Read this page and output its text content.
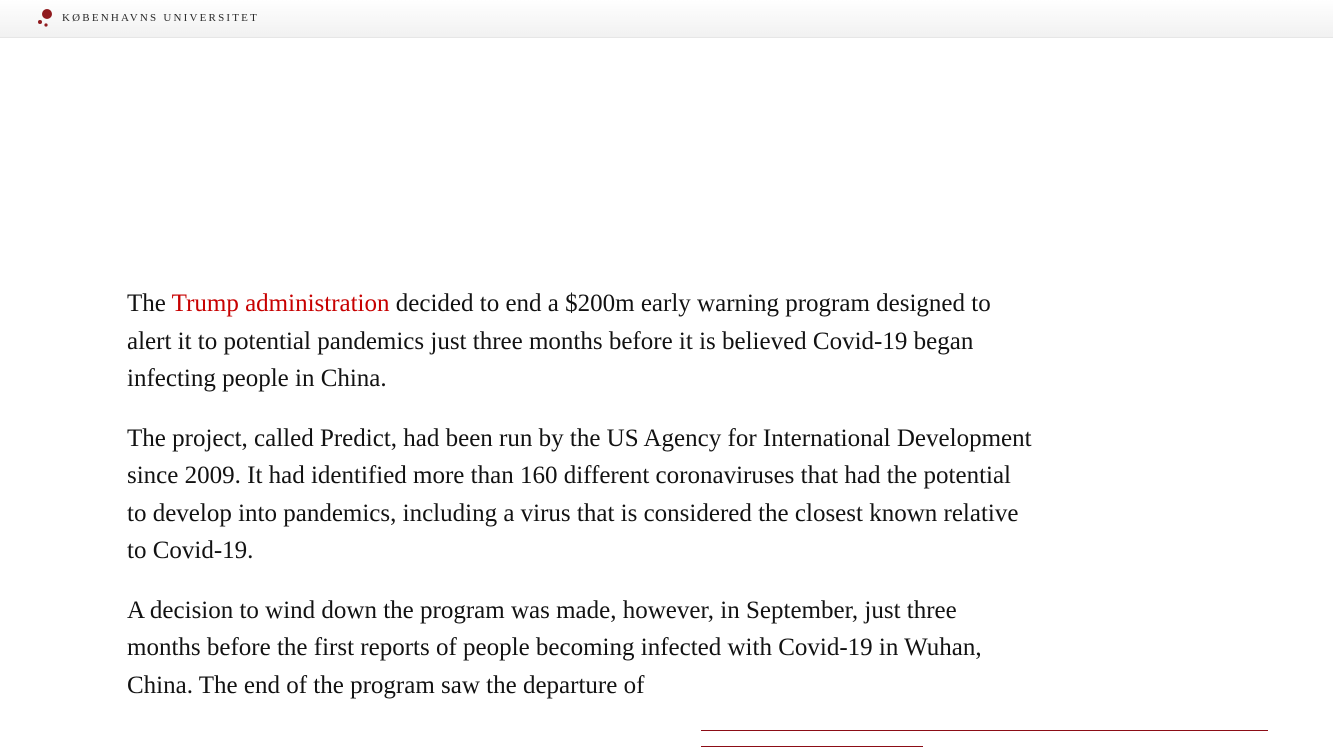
KØBENHAVNS UNIVERSITET

The Trump administration decided to end a $200m early warning program designed to alert it to potential pandemics just three months before it is believed Covid-19 began infecting people in China.

The project, called Predict, had been run by the US Agency for International Development since 2009. It had identified more than 160 different coronaviruses that had the potential to develop into pandemics, including a virus that is considered the closest known relative to Covid-19.

A decision to wind down the program was made, however, in September, just three months before the first reports of people becoming infected with Covid-19 in Wuhan, China. The end of the program saw the departure of
